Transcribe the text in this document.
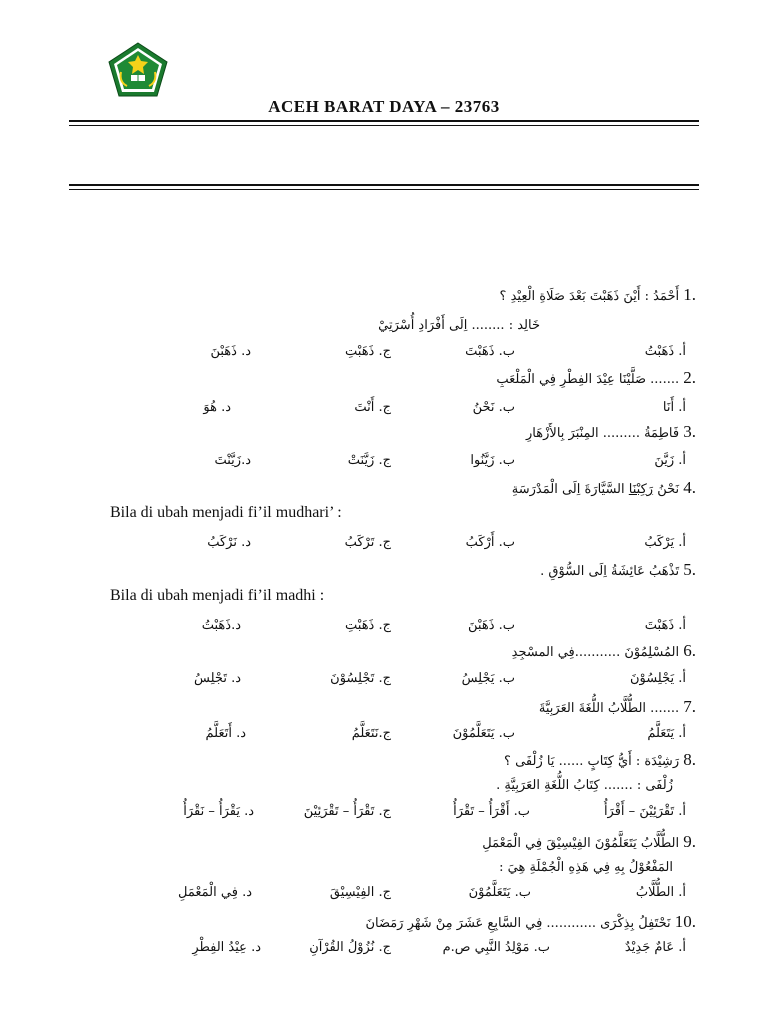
ACEH BARAT DAYA – 23763
1. أَحْمَدُ : أَيْنَ ذَهَبْتَ بَعْدَ صَلَاةِ الْعِيْدِ ؟
خَالِد : ........ اِلَى أَفْرَادِ أُسْرَتِيْ
أ. ذَهَبْتُ
ب. ذَهَبْتَ
ج. ذَهَبْتِ
د. ذَهَبْنَ
2. ....... صَلَّيْنَا عِيْدَ الفِطْرِ فِي الْمَلْعَبِ
أ. أَنَا
ب. نَحْنُ
ج. أَنْتَ
د. هُوَ
3. فَاطِمَةُ ......... المِنْبَرَ بِالأَزْهَارِ
أ. زَيَّنَ
ب. زَيَّنُوا
ج. زَيَّنَتْ
د.زَيَّنْتَ
4. نَحْنُ رَكِبْنَا السَّيَّارَةَ اِلَى الْمَدْرَسَةِ
Bila di ubah menjadi fi’il mudhari’ :
أ. يَرْكَبُ
ب. أَرْكَبُ
ج. تَرْكَبُ
د. نَرْكَبُ
5. تَذْهَبُ عَائِشَةُ اِلَى السُّوْقِ .
Bila di ubah menjadi fi’il madhi :
أ. ذَهَبْتَ
ب. ذَهَبْنَ
ج. ذَهَبْتِ
د.ذَهَبْتُ
6. المُسْلِمُوْنَ ...........فِي المسْجِدِ
أ. يَجْلِسُوْنَ
ب. يَجْلِسُ
ج. تَجْلِسُوْنَ
د. تَجْلِسُ
7. ....... الطُّلَّابُ اللُّغَةَ العَرَبِيَّةَ
أ. يَتَعَلَّمُ
ب. يَتَعَلَّمُوْنَ
ج.نَتَعَلَّمُ
د. أَتَعَلَّمُ
8. رَشِيْدَة : أَيُّ كِتَابٍ ...... يَا زُلْفَى ؟
زُلْفَى : ....... كِتَابُ اللُّغَةِ العَرَبِيَّةِ .
أ. تَقْرَئِيْنَ – أَقْرَأُ
ب. أَقْرَأُ – تَقْرَأُ
ج. تَقْرَأُ – تَقْرَئِيْنَ
د. يَقْرَأُ – نَقْرَأُ
9. الطُّلَّابُ يَتَعَلَّمُوْنَ الفِيْسِيْقَ فِي الْمَعْمَلِ
المَفْعُوْلُ بِهِ فِي هَذِهِ الْجُمْلَةِ هِيَ :
أ. الطُّلَّابُ
ب. يَتَعَلَّمُوْنَ
ج. الفِيْسِيْقَ
د. فِي الْمَعْمَلِ
10. نَحْتَفِلُ بِذِكْرَى ............ فِي السَّابِعِ عَشَرَ مِنْ شَهْرِ رَمَضَانَ
أ. عَامٌ جَدِيْدٌ
ب. مَوْلِدُ النَّبِي ص.م
ج. نُزُوْلُ القُرْآنِ
د. عِيْدُ الفِطْرِ
